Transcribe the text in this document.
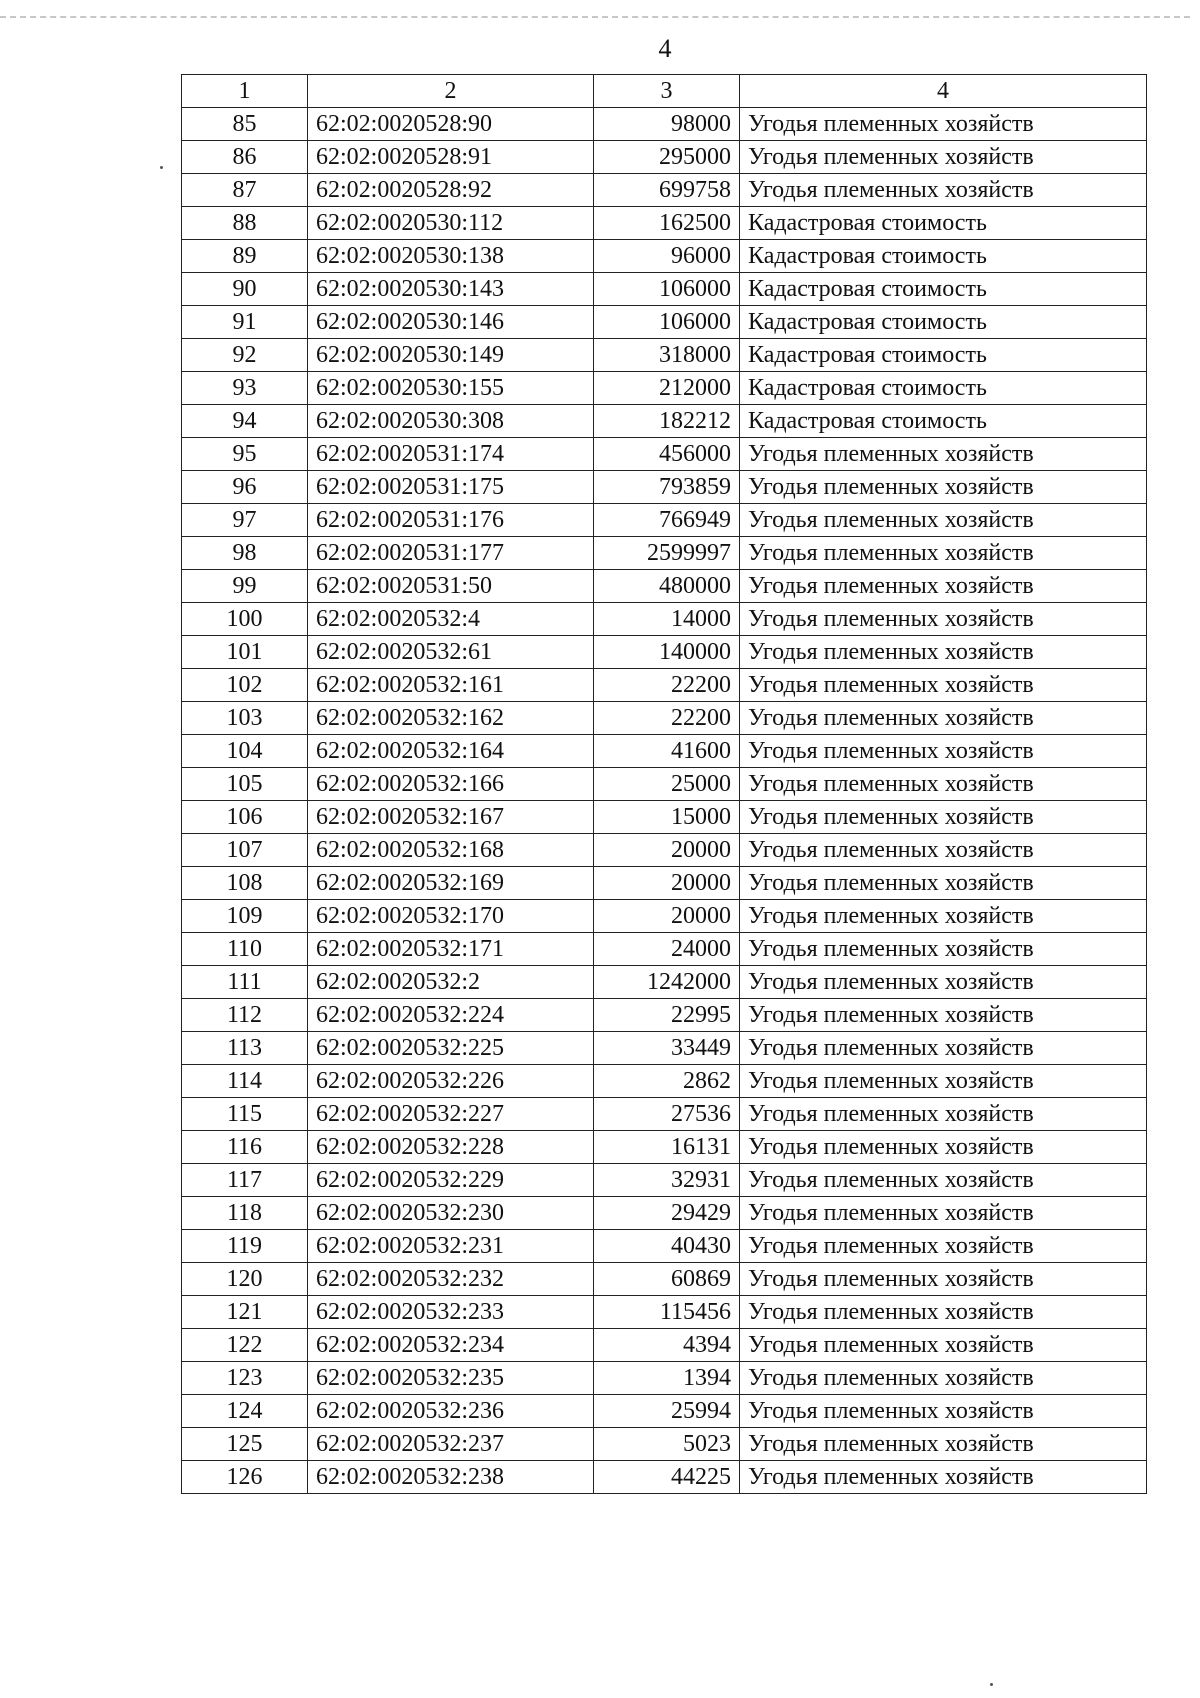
4
1	2	3	4
85	62:02:0020528:90	98000	Угодья племенных хозяйств
86	62:02:0020528:91	295000	Угодья племенных хозяйств
87	62:02:0020528:92	699758	Угодья племенных хозяйств
88	62:02:0020530:112	162500	Кадастровая стоимость
89	62:02:0020530:138	96000	Кадастровая стоимость
90	62:02:0020530:143	106000	Кадастровая стоимость
91	62:02:0020530:146	106000	Кадастровая стоимость
92	62:02:0020530:149	318000	Кадастровая стоимость
93	62:02:0020530:155	212000	Кадастровая стоимость
94	62:02:0020530:308	182212	Кадастровая стоимость
95	62:02:0020531:174	456000	Угодья племенных хозяйств
96	62:02:0020531:175	793859	Угодья племенных хозяйств
97	62:02:0020531:176	766949	Угодья племенных хозяйств
98	62:02:0020531:177	2599997	Угодья племенных хозяйств
99	62:02:0020531:50	480000	Угодья племенных хозяйств
100	62:02:0020532:4	14000	Угодья племенных хозяйств
101	62:02:0020532:61	140000	Угодья племенных хозяйств
102	62:02:0020532:161	22200	Угодья племенных хозяйств
103	62:02:0020532:162	22200	Угодья племенных хозяйств
104	62:02:0020532:164	41600	Угодья племенных хозяйств
105	62:02:0020532:166	25000	Угодья племенных хозяйств
106	62:02:0020532:167	15000	Угодья племенных хозяйств
107	62:02:0020532:168	20000	Угодья племенных хозяйств
108	62:02:0020532:169	20000	Угодья племенных хозяйств
109	62:02:0020532:170	20000	Угодья племенных хозяйств
110	62:02:0020532:171	24000	Угодья племенных хозяйств
111	62:02:0020532:2	1242000	Угодья племенных хозяйств
112	62:02:0020532:224	22995	Угодья племенных хозяйств
113	62:02:0020532:225	33449	Угодья племенных хозяйств
114	62:02:0020532:226	2862	Угодья племенных хозяйств
115	62:02:0020532:227	27536	Угодья племенных хозяйств
116	62:02:0020532:228	16131	Угодья племенных хозяйств
117	62:02:0020532:229	32931	Угодья племенных хозяйств
118	62:02:0020532:230	29429	Угодья племенных хозяйств
119	62:02:0020532:231	40430	Угодья племенных хозяйств
120	62:02:0020532:232	60869	Угодья племенных хозяйств
121	62:02:0020532:233	115456	Угодья племенных хозяйств
122	62:02:0020532:234	4394	Угодья племенных хозяйств
123	62:02:0020532:235	1394	Угодья племенных хозяйств
124	62:02:0020532:236	25994	Угодья племенных хозяйств
125	62:02:0020532:237	5023	Угодья племенных хозяйств
126	62:02:0020532:238	44225	Угодья племенных хозяйств
